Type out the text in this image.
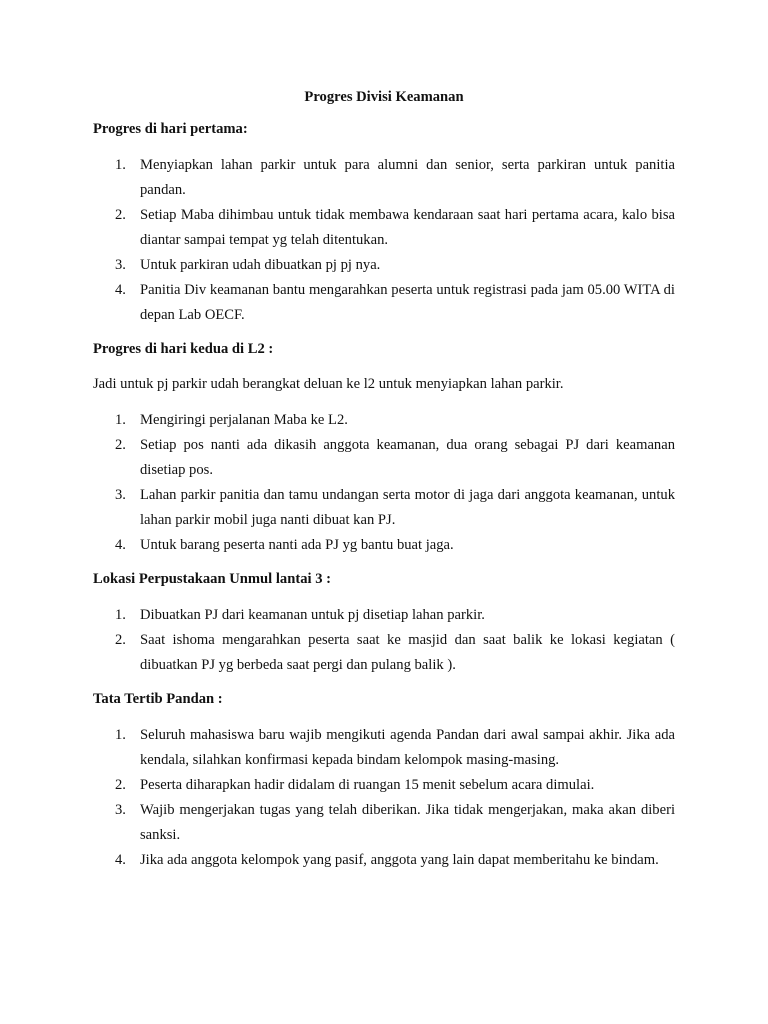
Progres Divisi Keamanan
Progres di hari pertama:
1. Menyiapkan lahan parkir untuk para alumni dan senior, serta parkiran untuk panitia pandan.
2. Setiap Maba dihimbau untuk tidak membawa kendaraan saat hari pertama acara, kalo bisa diantar sampai tempat yg telah ditentukan.
3. Untuk parkiran udah dibuatkan pj pj nya.
4. Panitia Div keamanan bantu mengarahkan peserta untuk registrasi pada jam 05.00 WITA di depan Lab OECF.
Progres di hari kedua di L2 :
Jadi untuk pj parkir udah berangkat deluan ke l2 untuk menyiapkan lahan parkir.
1. Mengiringi perjalanan Maba ke L2.
2. Setiap pos nanti ada dikasih anggota keamanan, dua orang sebagai PJ dari keamanan disetiap pos.
3. Lahan parkir panitia dan tamu undangan serta motor di jaga dari anggota keamanan, untuk lahan parkir mobil juga nanti dibuat kan PJ.
4. Untuk barang peserta nanti ada PJ yg bantu buat jaga.
Lokasi Perpustakaan Unmul lantai 3 :
1. Dibuatkan PJ dari keamanan untuk pj disetiap lahan parkir.
2. Saat ishoma mengarahkan peserta saat ke masjid dan saat balik ke lokasi kegiatan ( dibuatkan PJ yg berbeda saat pergi dan pulang balik ).
Tata Tertib Pandan :
1. Seluruh mahasiswa baru wajib mengikuti agenda Pandan dari awal sampai akhir. Jika ada kendala, silahkan konfirmasi kepada bindam kelompok masing-masing.
2. Peserta diharapkan hadir didalam di ruangan 15 menit sebelum acara dimulai.
3. Wajib mengerjakan tugas yang telah diberikan. Jika tidak mengerjakan, maka akan diberi sanksi.
4. Jika ada anggota kelompok yang pasif, anggota yang lain dapat memberitahu ke bindam.
